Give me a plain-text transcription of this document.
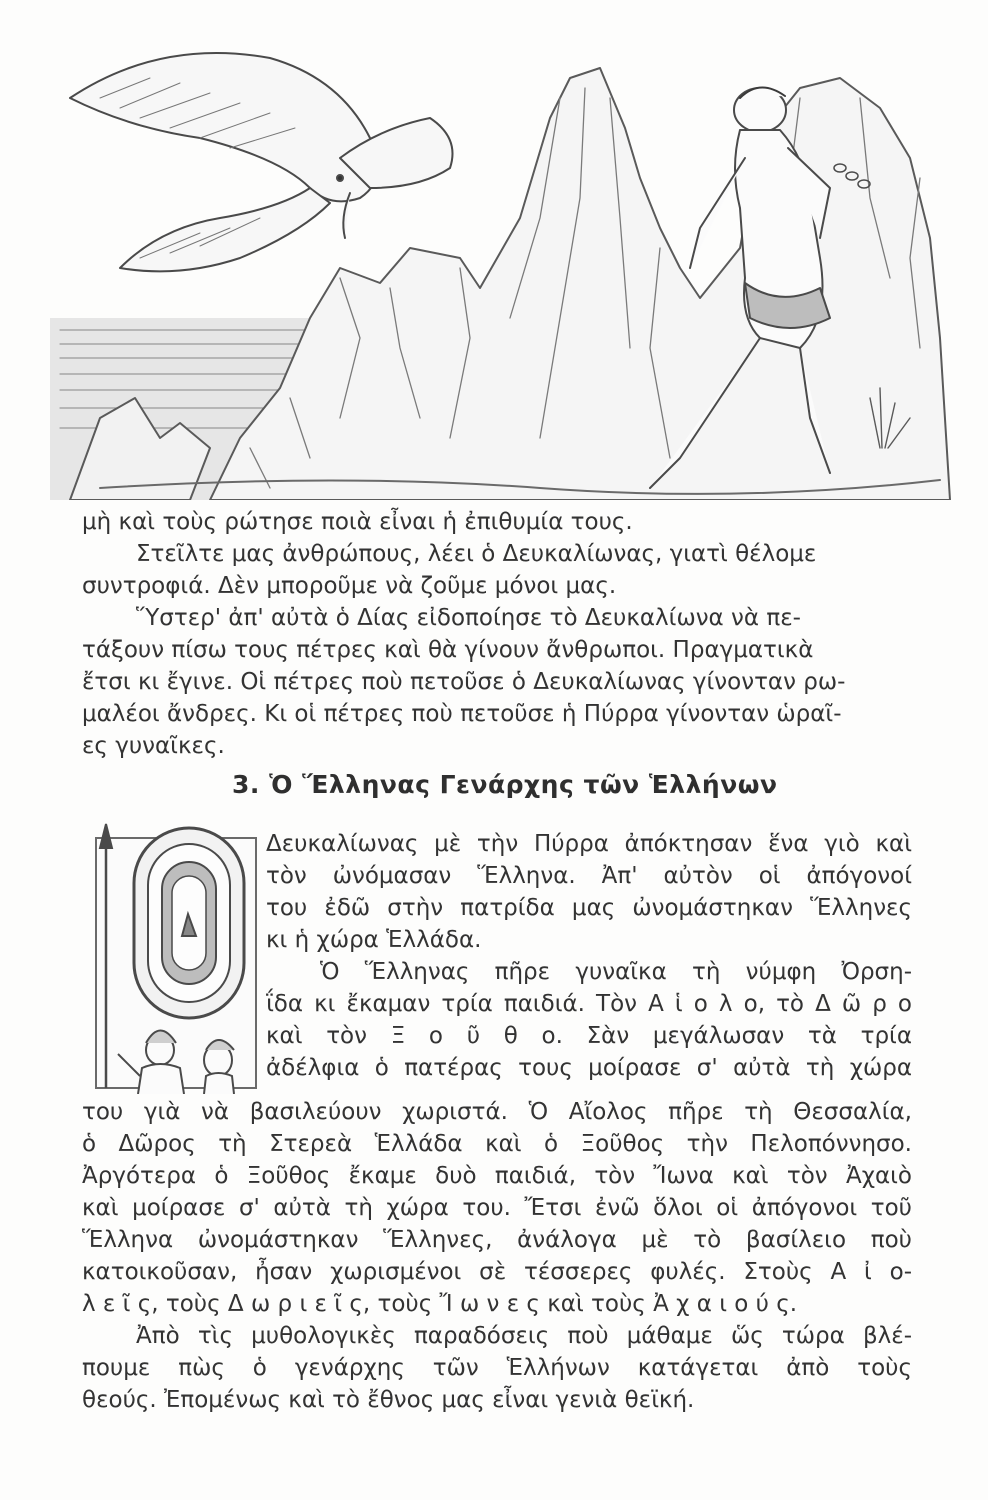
μὴ καὶ τοὺς ρώτησε ποιὰ εἶναι ἡ ἐπιθυμία τους.
Στεῖλτε μας ἀνθρώπους, λέει ὁ Δευκαλίωνας, γιατὶ θέλομε
συντροφιά. Δὲν μποροῦμε νὰ ζοῦμε μόνοι μας.
Ὕστερ' ἀπ' αὐτὰ ὁ Δίας εἰδοποίησε τὸ Δευκαλίωνα νὰ πε-
τάξουν πίσω τους πέτρες καὶ θὰ γίνουν ἄνθρωποι. Πραγματικὰ
ἔτσι κι ἔγινε. Οἱ πέτρες ποὺ πετοῦσε ὁ Δευκαλίωνας γίνονταν ρω-
μαλέοι ἄνδρες. Κι οἱ πέτρες ποὺ πετοῦσε ἡ Πύρρα γίνονταν ὡραῖ-
ες γυναῖκες.
3. Ὁ Ἕλληνας Γενάρχης τῶν Ἑλλήνων
Ο
Δευκαλίωνας μὲ τὴν Πύρρα ἀπόκτησαν ἕνα γιὸ καὶ
τὸν ὠνόμασαν Ἕλληνα. Ἀπ' αὐτὸν οἱ ἀπόγονοί
του ἐδῶ στὴν πατρίδα μας ὠνομάστηκαν Ἕλληνες
κι ἡ χώρα Ἑλλάδα.
Ὁ Ἕλληνας πῆρε γυναῖκα τὴ νύμφη Ὀρση-
ΐδα κι ἔκαμαν τρία παιδιά. Τὸν Α ἱ ο λ ο, τὸ Δ ῶ ρ ο
καὶ τὸν Ξ ο ῦ θ ο. Σὰν μεγάλωσαν τὰ τρία
ἀδέλφια ὁ πατέρας τους μοίρασε σ' αὐτὰ τὴ χώρα
του γιὰ νὰ βασιλεύουν χωριστά. Ὁ Αἴολος πῆρε τὴ Θεσσαλία,
ὁ Δῶρος τὴ Στερεὰ Ἑλλάδα καὶ ὁ Ξοῦθος τὴν Πελοπόννησο.
Ἀργότερα ὁ Ξοῦθος ἔκαμε δυὸ παιδιά, τὸν Ἴωνα καὶ τὸν Ἀχαιὸ
καὶ μοίρασε σ' αὐτὰ τὴ χώρα του. Ἔτσι ἐνῶ ὅλοι οἱ ἀπόγονοι τοῦ
Ἕλληνα ὠνομάστηκαν Ἕλληνες, ἀνάλογα μὲ τὸ βασίλειο ποὺ
κατοικοῦσαν, ἦσαν χωρισμένοι σὲ τέσσερες φυλές. Στοὺς Α ἰ ο-
λ ε ῖ ς, τοὺς Δ ω ρ ι ε ῖ ς, τοὺς Ἴ ω ν ε ς καὶ τοὺς Ἀ χ α ι ο ύ ς.
Ἀπὸ τὶς μυθολογικὲς παραδόσεις ποὺ μάθαμε ὥς τώρα βλέ-
πουμε πὼς ὁ γενάρχης τῶν Ἑλλήνων κατάγεται ἀπὸ τοὺς
θεούς. Ἐπομένως καὶ τὸ ἔθνος μας εἶναι γενιὰ θεϊκή.
